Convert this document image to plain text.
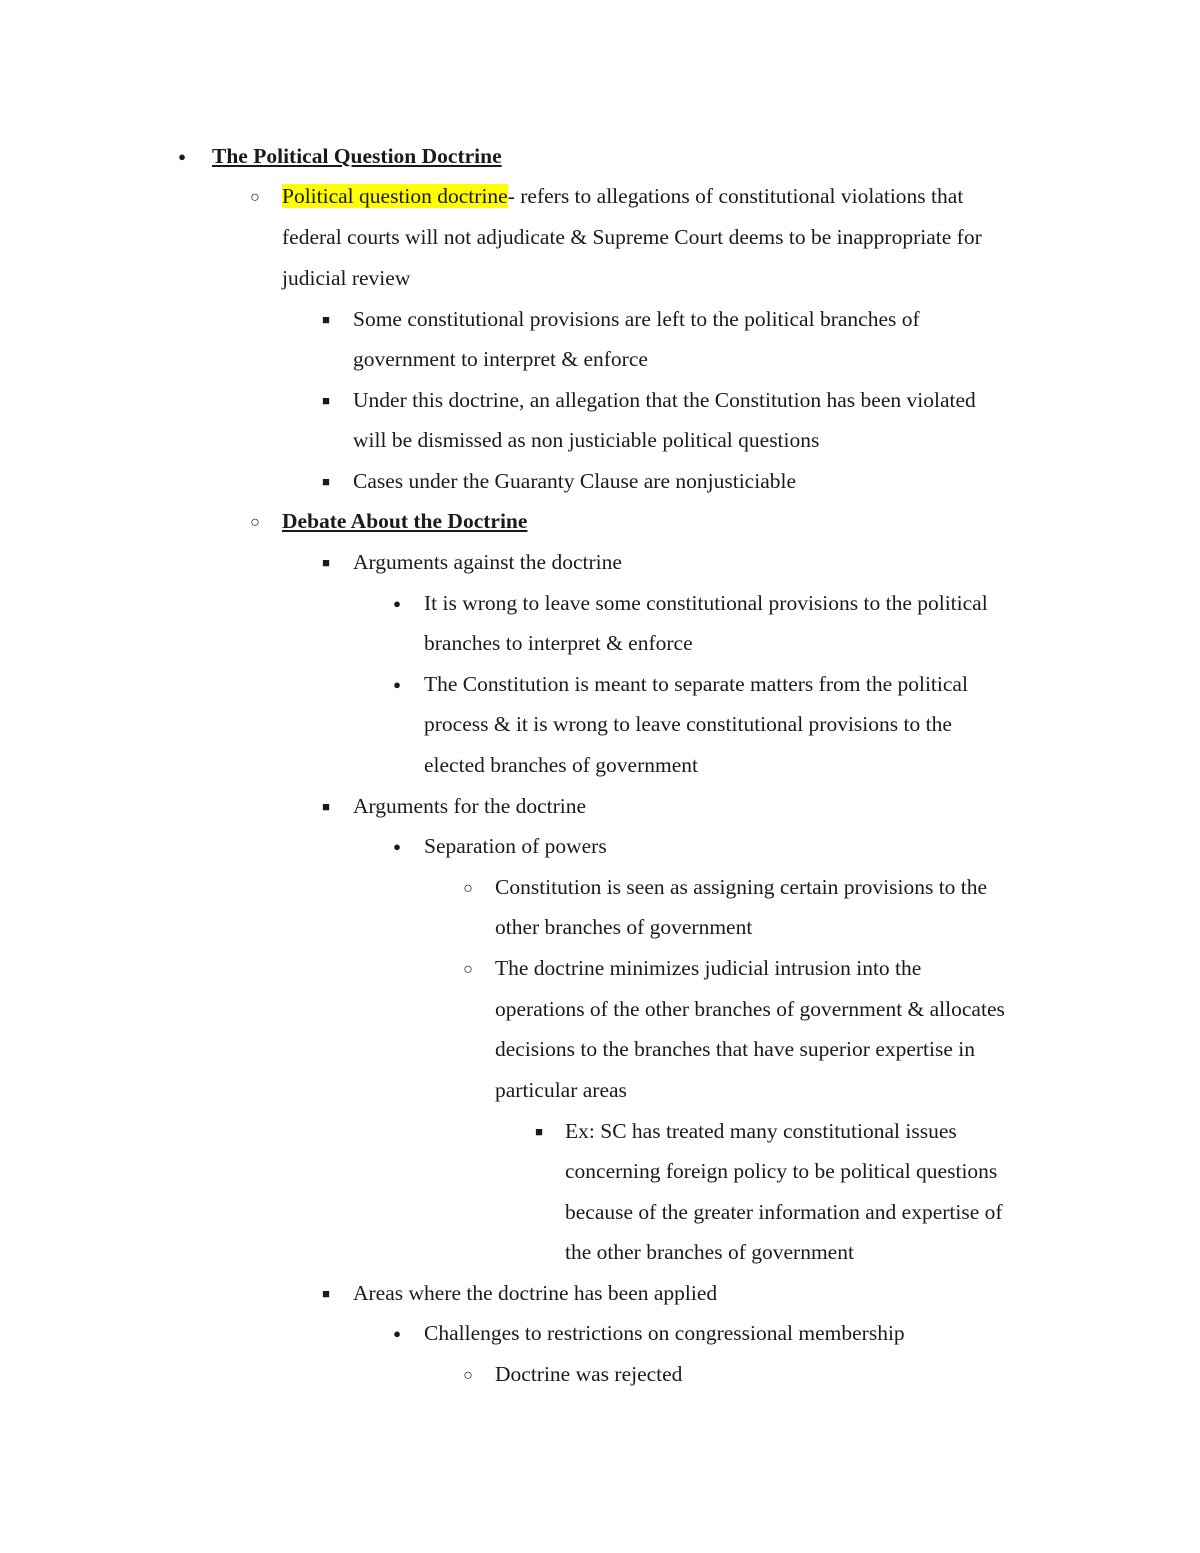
●
The Political Question Doctrine
○
Political question doctrine- refers to allegations of constitutional violations that
federal courts will not adjudicate & Supreme Court deems to be inappropriate for
judicial review
■
Some constitutional provisions are left to the political branches of
government to interpret & enforce
■
Under this doctrine, an allegation that the Constitution has been violated
will be dismissed as non justiciable political questions
■
Cases under the Guaranty Clause are nonjusticiable
○
Debate About the Doctrine
■
Arguments against the doctrine
●
It is wrong to leave some constitutional provisions to the political
branches to interpret & enforce
●
The Constitution is meant to separate matters from the political
process & it is wrong to leave constitutional provisions to the
elected branches of government
■
Arguments for the doctrine
●
Separation of powers
○
Constitution is seen as assigning certain provisions to the
other branches of government
○
The doctrine minimizes judicial intrusion into the
operations of the other branches of government & allocates
decisions to the branches that have superior expertise in
particular areas
■
Ex: SC has treated many constitutional issues
concerning foreign policy to be political questions
because of the greater information and expertise of
the other branches of government
■
Areas where the doctrine has been applied
●
Challenges to restrictions on congressional membership
○
Doctrine was rejected
